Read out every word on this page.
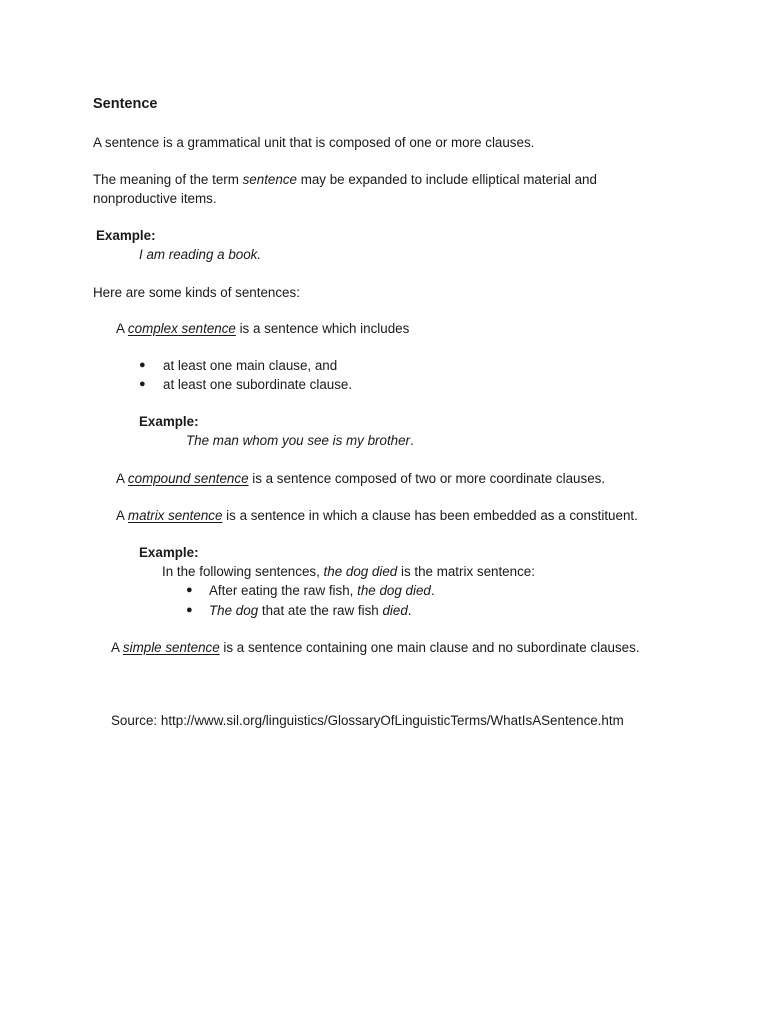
Sentence
A sentence is a grammatical unit that is composed of one or more clauses.
The meaning of the term sentence may be expanded to include elliptical material and
nonproductive items.
Example:
I am reading a book.
Here are some kinds of sentences:
A complex sentence is a sentence which includes
● at least one main clause, and
● at least one subordinate clause.
Example:
The man whom you see is my brother.
A compound sentence is a sentence composed of two or more coordinate clauses.
A matrix sentence is a sentence in which a clause has been embedded as a constituent.
Example:
In the following sentences, the dog died is the matrix sentence:
● After eating the raw fish, the dog died.
● The dog that ate the raw fish died.
A simple sentence is a sentence containing one main clause and no subordinate clauses.
Source: http://www.sil.org/linguistics/GlossaryOfLinguisticTerms/WhatIsASentence.htm
